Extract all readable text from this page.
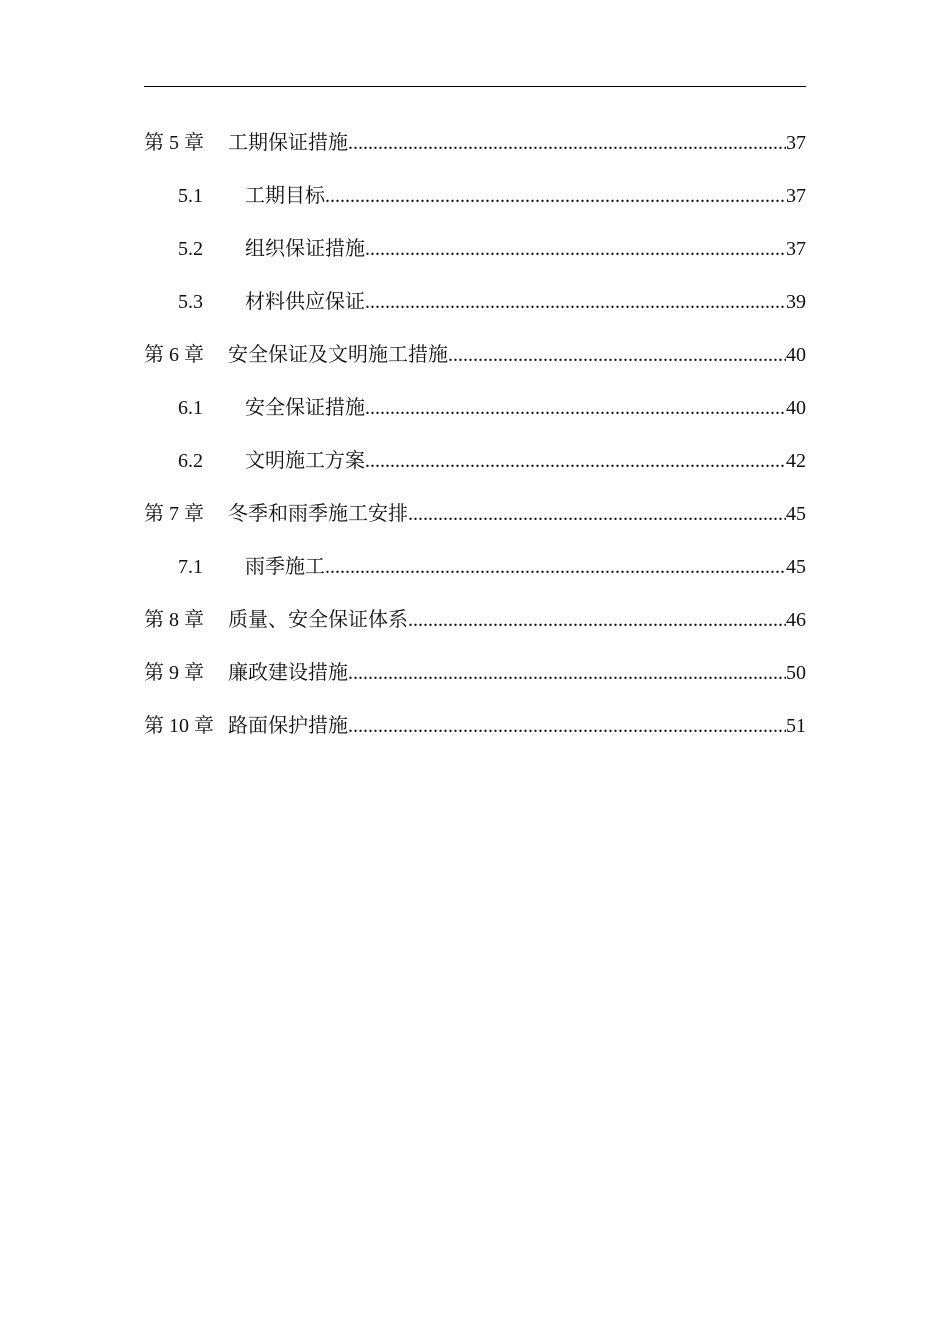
第 5 章	工期保证措施 .....	37
5.1	工期目标 .....	37
5.2	组织保证措施 .....	37
5.3	材料供应保证 .....	39
第 6 章	安全保证及文明施工措施 .....	40
6.1	安全保证措施 .....	40
6.2	文明施工方案 .....	42
第 7 章	冬季和雨季施工安排 .....	45
7.1	雨季施工 .....	45
第 8 章	质量、安全保证体系 .....	46
第 9 章	廉政建设措施 .....	50
第 10 章 路面保护措施 .....	51
